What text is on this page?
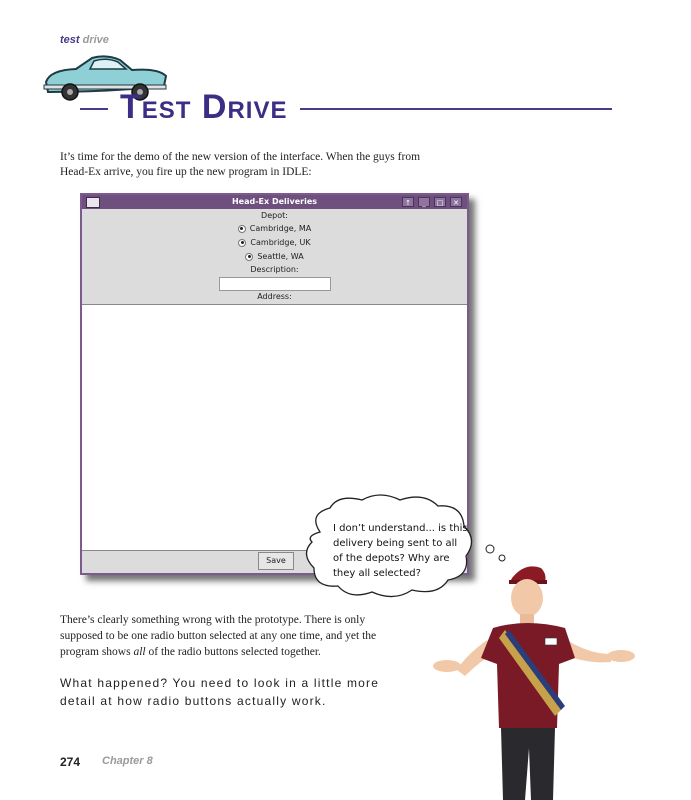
test drive
Test Drive
It’s time for the demo of the new version of the interface. When the guys from Head-Ex arrive, you fire up the new program in IDLE:
Head-Ex Deliveries	↑	_	□	✕
Depot:
Cambridge, MA
Cambridge, UK
Seattle, WA
Description:
Address:
Save
I don’t understand... is this delivery being sent to all of the depots? Why are they all selected?
There’s clearly something wrong with the prototype. There is only supposed to be one radio button selected at any one time, and yet the program shows all of the radio buttons selected together.
What happened? You need to look in a little more detail at how radio buttons actually work.
274 Chapter 8
